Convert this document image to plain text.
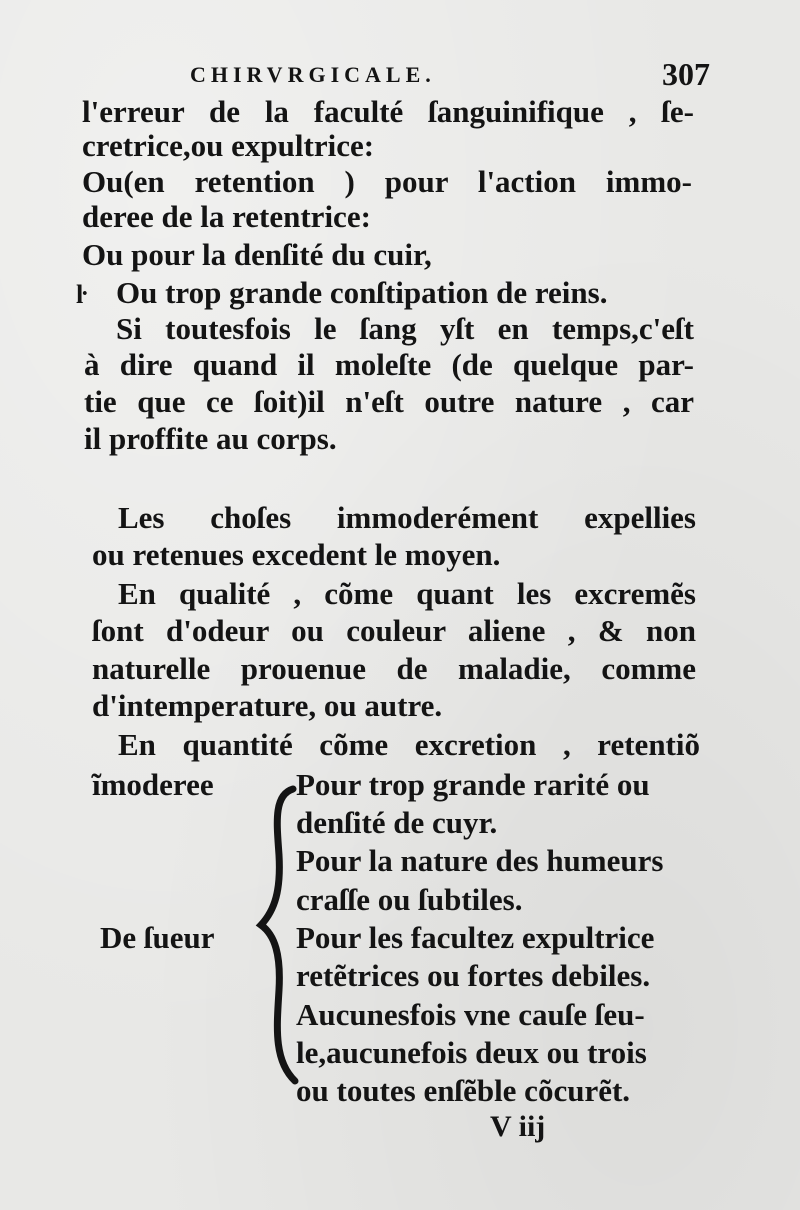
CHIRVRGICALE.	307
l'erreur de la faculté ſanguinifique , ſe-
cretrice,ou expultrice:
Ou(en retention ) pour l'action immo-
deree de la retentrice:
Ou pour la denſité du cuir,
ŀ Ou trop grande conſtipation de reins.
Si toutesfois le ſang yſt en temps,c'eſt
à dire quand il moleſte (de quelque par-
tie que ce ſoit)il n'eſt outre nature , car
il proffite au corps.
Les choſes immoderément expellies
ou retenues excedent le moyen.
En qualité , cõme quant les excremẽs
ſont d'odeur ou couleur aliene , & non
naturelle prouenue de maladie, comme
d'intemperature, ou autre.
En quantité cõme excretion , retentiõ
ĩmoderee
De ſueur
Pour trop grande rarité ou
denſité de cuyr.
Pour la nature des humeurs
craſſe ou ſubtiles.
Pour les facultez expultrice
retẽtrices ou fortes debiles.
Aucunesfois vne cauſe ſeu-
le,aucunefois deux ou trois
ou toutes enſẽble cõcurẽt.
V iij
